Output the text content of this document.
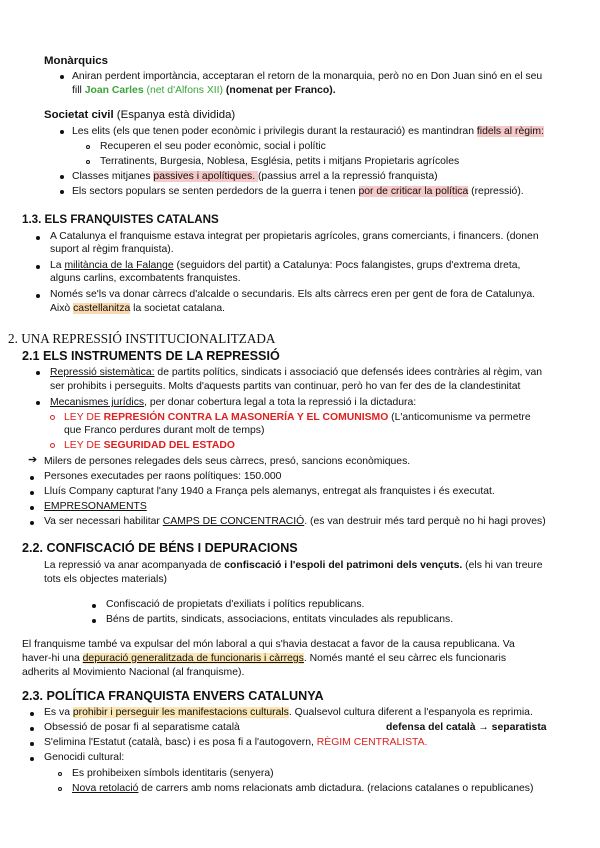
Monàrquics
Aniran perdent importància, acceptaran el retorn de la monarquia, però no en Don Juan sinó en el seu
fill Joan Carles (net d'Alfons XII) (nomenat per Franco).
Societat civil (Espanya està dividida)
Les elits (els que tenen poder econòmic i privilegis durant la restauració) es mantindran fidels al règim:
Recuperen el seu poder econòmic, social i polític
Terratinents, Burgesia, Noblesa, Església, petits i mitjans Propietaris agrícoles
Classes mitjanes passives i apolítiques. (passius arrel a la repressió franquista)
Els sectors populars se senten perdedors de la guerra i tenen por de criticar la política (repressió).
1.3. ELS FRANQUISTES CATALANS
A Catalunya el franquisme estava integrat per propietaris agrícoles, grans comerciants, i financers. (donen
suport al règim franquista).
La militància de la Falange (seguidors del partit) a Catalunya: Pocs falangistes, grups d'extrema dreta,
alguns carlins, excombatents franquistes.
Només se'ls va donar càrrecs d'alcalde o secundaris. Els alts càrrecs eren per gent de fora de Catalunya.
Això castellanitza la societat catalana.
2. UNA REPRESSIÓ INSTITUCIONALITZADA
2.1 ELS INSTRUMENTS DE LA REPRESSIÓ
Repressió sistemàtica: de partits polítics, sindicats i associació que defensés idees contràries al règim, van
ser prohibits i perseguits. Molts d'aquests partits van continuar, però ho van fer des de la clandestinitat
Mecanismes jurídics, per donar cobertura legal a tota la repressió i la dictadura:
LEY DE REPRESIÓN CONTRA LA MASONERÍA Y EL COMUNISMO (L'anticomunisme va permetre
que Franco perdures durant molt de temps)
LEY DE SEGURIDAD DEL ESTADO
➔ Milers de persones relegades dels seus càrrecs, presó, sancions econòmiques.
Persones executades per raons polítiques: 150.000
Lluís Company capturat l'any 1940 a França pels alemanys, entregat als franquistes i és executat.
EMPRESONAMENTS
Va ser necessari habilitar CAMPS DE CONCENTRACIÓ. (es van destruir més tard perquè no hi hagi proves)
2.2. CONFISCACIÓ DE BÉNS I DEPURACIONS
La repressió va anar acompanyada de confiscació i l'espoli del patrimoni dels vençuts. (els hi van treure
tots els objectes materials)
Confiscació de propietats d'exiliats i polítics republicans.
Béns de partits, sindicats, associacions, entitats vinculades als republicans.
El franquisme també va expulsar del món laboral a qui s'havia destacat a favor de la causa republicana. Va
haver-hi una depuració generalitzada de funcionaris i càrregs. Només manté el seu càrrec els funcionaris
adherits al Movimiento Nacional (al franquisme).
2.3. POLÍTICA FRANQUISTA ENVERS CATALUNYA
Es va prohibir i perseguir les manifestacions culturals. Qualsevol cultura diferent a l'espanyola es reprimia.
Obsessió de posar fi al separatisme català	defensa del català → separatista
S'elimina l'Estatut (català, basc) i es posa fi a l'autogovern, RÈGIM CENTRALISTA.
Genocidi cultural:
Es prohibeixen símbols identitaris (senyera)
Nova retolació de carrers amb noms relacionats amb dictadura. (relacions catalanes o republicanes)
